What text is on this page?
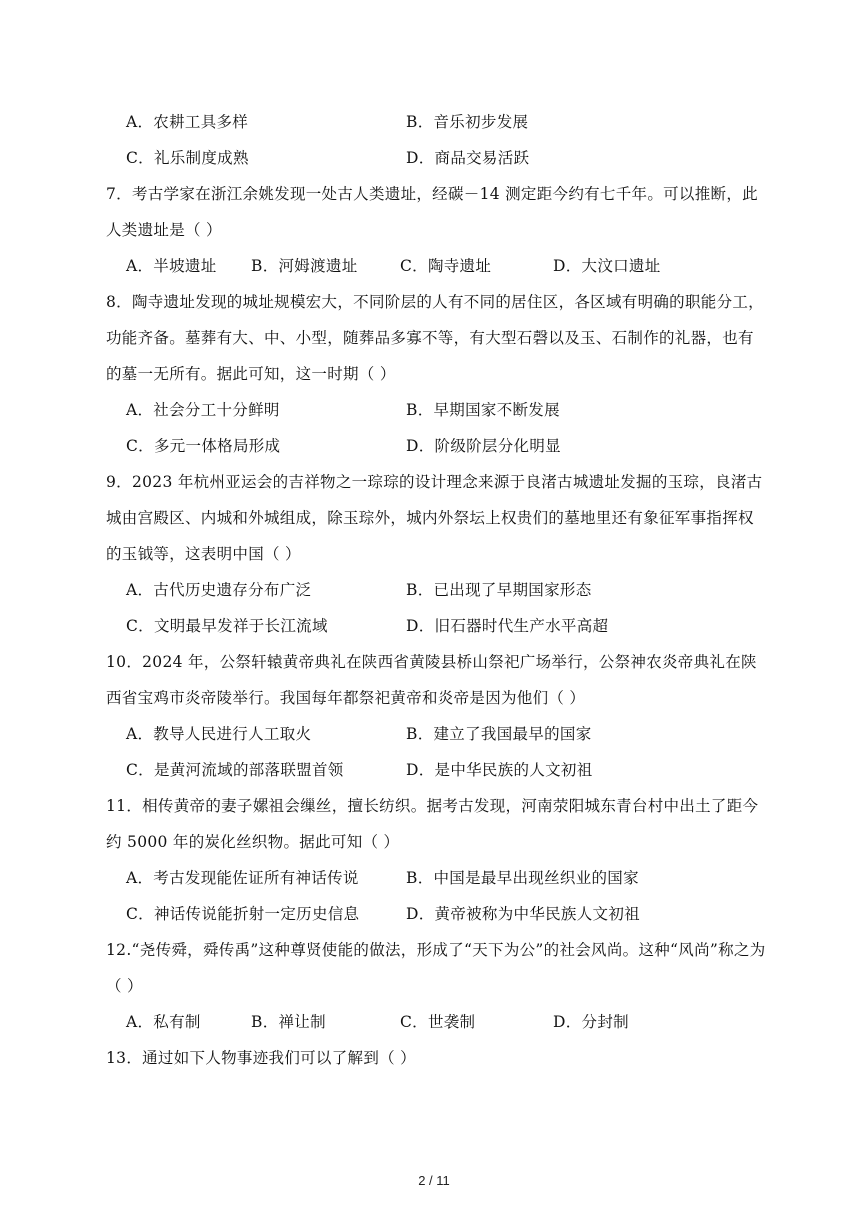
A．农耕工具多样	B．音乐初步发展
C．礼乐制度成熟	D．商品交易活跃
7．考古学家在浙江余姚发现一处古人类遗址，经碳－14 测定距今约有七千年。可以推断，此
人类遗址是（ ）
A．半坡遗址	B．河姆渡遗址	C．陶寺遗址	D．大汶口遗址
8．陶寺遗址发现的城址规模宏大，不同阶层的人有不同的居住区，各区域有明确的职能分工，
功能齐备。墓葬有大、中、小型，随葬品多寡不等，有大型石磬以及玉、石制作的礼器，也有
的墓一无所有。据此可知，这一时期（ ）
A．社会分工十分鲜明	B．早期国家不断发展
C．多元一体格局形成	D．阶级阶层分化明显
9．2023 年杭州亚运会的吉祥物之一琮琮的设计理念来源于良渚古城遗址发掘的玉琮，良渚古
城由宫殿区、内城和外城组成，除玉琮外，城内外祭坛上权贵们的墓地里还有象征军事指挥权
的玉钺等，这表明中国（ ）
A．古代历史遗存分布广泛	B．已出现了早期国家形态
C．文明最早发祥于长江流域	D．旧石器时代生产水平高超
10．2024 年，公祭轩辕黄帝典礼在陕西省黄陵县桥山祭祀广场举行，公祭神农炎帝典礼在陕
西省宝鸡市炎帝陵举行。我国每年都祭祀黄帝和炎帝是因为他们（ ）
A．教导人民进行人工取火	B．建立了我国最早的国家
C．是黄河流域的部落联盟首领	D．是中华民族的人文初祖
11．相传黄帝的妻子嫘祖会缫丝，擅长纺织。据考古发现，河南荥阳城东青台村中出土了距今
约 5000 年的炭化丝织物。据此可知（ ）
A．考古发现能佐证所有神话传说	B．中国是最早出现丝织业的国家
C．神话传说能折射一定历史信息	D．黄帝被称为中华民族人文初祖
12.“尧传舜，舜传禹”这种尊贤使能的做法，形成了“天下为公”的社会风尚。这种“风尚”称之为
（ ）
A．私有制	B．禅让制	C．世袭制	D．分封制
13．通过如下人物事迹我们可以了解到（ ）
2 / 11
